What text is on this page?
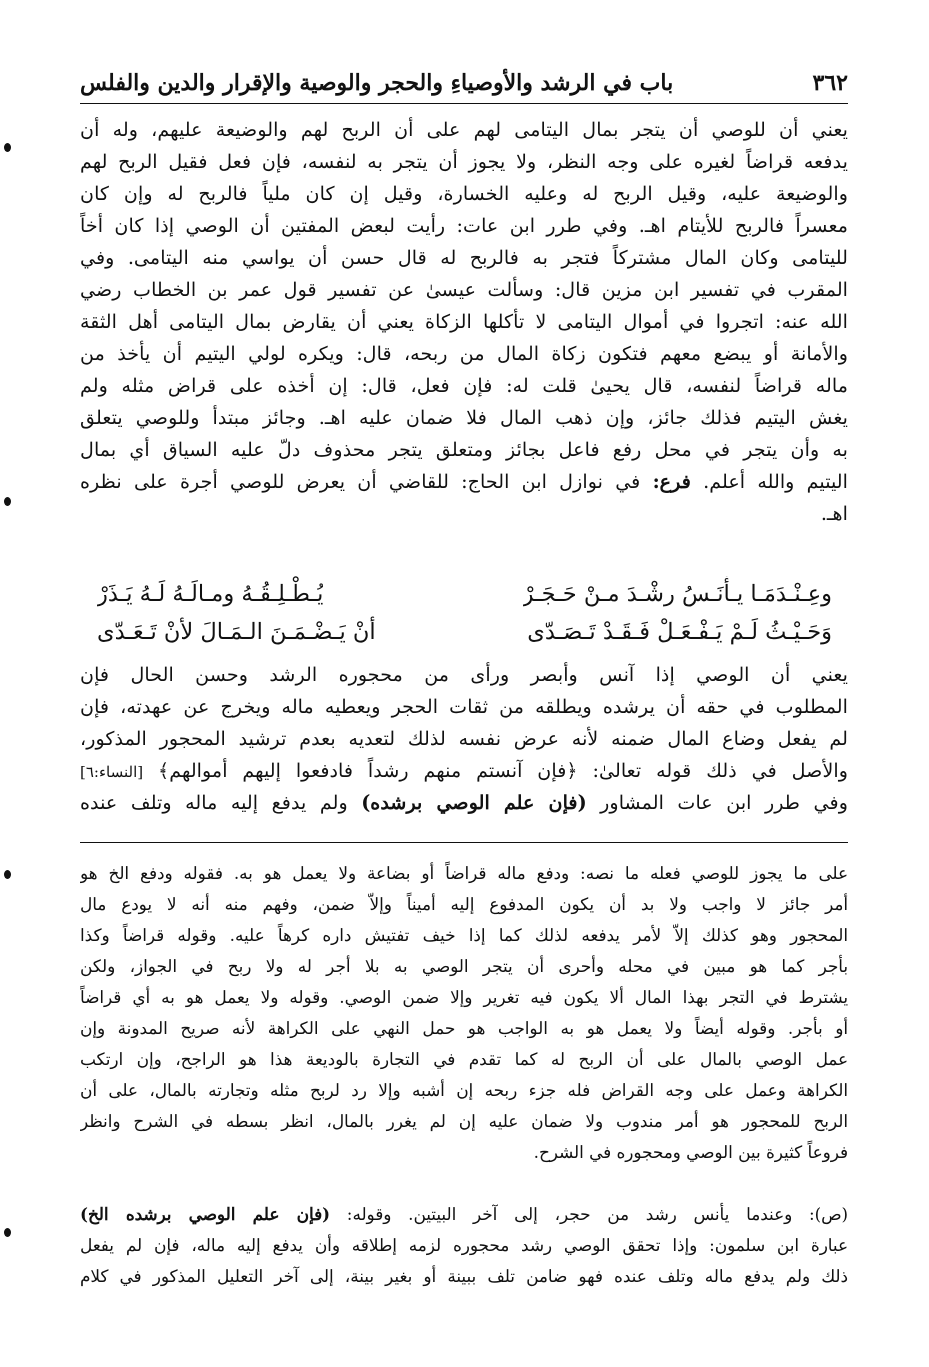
٣٦٢
باب في الرشد والأوصياءِ والحجر والوصية والإقرار والدين والفلس
يعني أن للوصي أن يتجر بمال اليتامى لهم على أن الربح لهم والوضيعة عليهم، وله أن
يدفعه قراضاً لغيره على وجه النظر، ولا يجوز أن يتجر به لنفسه، فإن فعل فقيل الربح لهم
والوضيعة عليه، وقيل الربح له وعليه الخسارة، وقيل إن كان ملياً فالربح له وإن كان
معسراً فالربح للأيتام اهـ. وفي طرر ابن عات: رأيت لبعض المفتين أن الوصي إذا كان أخاً
لليتامى وكان المال مشتركاً فتجر به فالربح له قال حسن أن يواسي منه اليتامى. وفي
المقرب في تفسير ابن مزين قال: وسألت عيسىٰ عن تفسير قول عمر بن الخطاب رضي
الله عنه: اتجروا في أموال اليتامى لا تأكلها الزكاة يعني أن يقارض بمال اليتامى أهل الثقة
والأمانة أو يبضع معهم فتكون زكاة المال من ربحه، قال: ويكره لولي اليتيم أن يأخذ من
ماله قراضاً لنفسه، قال يحيىٰ قلت له: فإن فعل، قال: إن أخذه على قراض مثله ولم
يغش اليتيم فذلك جائز، وإن ذهب المال فلا ضمان عليه اهـ. وجائز مبتدأ وللوصي يتعلق
به وأن يتجر في محل رفع فاعل بجائز ومتعلق يتجر محذوف دلّ عليه السياق أي بمال
اليتيم والله أعلم. فرع: في نوازل ابن الحاج: للقاضي أن يعرض للوصي أجرة على نظره
اهـ.
وعِـنْـدَمَـا يـأْنَـسُ رشْـدَ مـنْ حَـجَـرْ
يُـطْـلِـقُـهُ ومـالَـهُ لَـهُ يَـذَرْ
وَحَـيْـثُ لَـمْ يَـفْـعَـلْ فَـقَـدْ تَـصَـدّى
أنْ يَـضْـمَـنَ الـمَـالَ لأنْ تَـعَـدّى
يعني أن الوصي إذا آنس وأبصر ورأى من محجوره الرشد وحسن الحال فإن
المطلوب في حقه أن يرشده ويطلقه من ثقات الحجر ويعطيه ماله ويخرج عن عهدته، فإن
لم يفعل وضاع المال ضمنه لأنه عرض نفسه لذلك لتعديه بعدم ترشيد المحجور المذكور،
والأصل في ذلك قوله تعالىٰ: ﴿فإن آنستم منهم رشداً فادفعوا إليهم أموالهم﴾ [النساء:٦]
وفي طرر ابن عات المشاور (فإن علم الوصي برشده) ولم يدفع إليه ماله وتلف عنده
على ما يجوز للوصي فعله ما نصه: ودفع ماله قراضاً أو بضاعة ولا يعمل هو به. فقوله ودفع الخ هو
أمر جائز لا واجب ولا بد أن يكون المدفوع إليه أميناً وإلاّ ضمن، وفهم منه أنه لا يودع مال
المحجور وهو كذلك إلاّ لأمر يدفعه لذلك كما إذا خيف تفتيش داره كرهاً عليه. وقوله قراضاً وكذا
بأجر كما هو مبين في محله وأحرى أن يتجر الوصي به بلا أجر له ولا ربح في الجواز، ولكن
يشترط في التجر بهذا المال ألا يكون فيه تغرير وإلا ضمن الوصي. وقوله ولا يعمل هو به أي قراضاً
أو بأجر. وقوله أيضاً ولا يعمل هو به الواجب هو حمل النهي على الكراهة لأنه صريح المدونة وإن
عمل الوصي بالمال على أن الربح له كما تقدم في التجارة بالوديعة هذا هو الراجح، وإن ارتكب
الكراهة وعمل على وجه القراض فله جزء ربحه إن أشبه وإلا رد لربح مثله وتجارته بالمال، على أن
الربح للمحجور هو أمر مندوب ولا ضمان عليه إن لم يغرر بالمال، انظر بسطه في الشرح وانظر
فروعاً كثيرة بين الوصي ومحجوره في الشرح.
(ص): وعندما يأنس رشد من حجر، إلى آخر البيتين. وقوله: (فإن علم الوصي برشده الخ)
عبارة ابن سلمون: وإذا تحقق الوصي رشد محجوره لزمه إطلاقه وأن يدفع إليه ماله، فإن لم يفعل
ذلك ولم يدفع ماله وتلف عنده فهو ضامن تلف ببينة أو بغير بينة، إلى آخر التعليل المذكور في كلام
